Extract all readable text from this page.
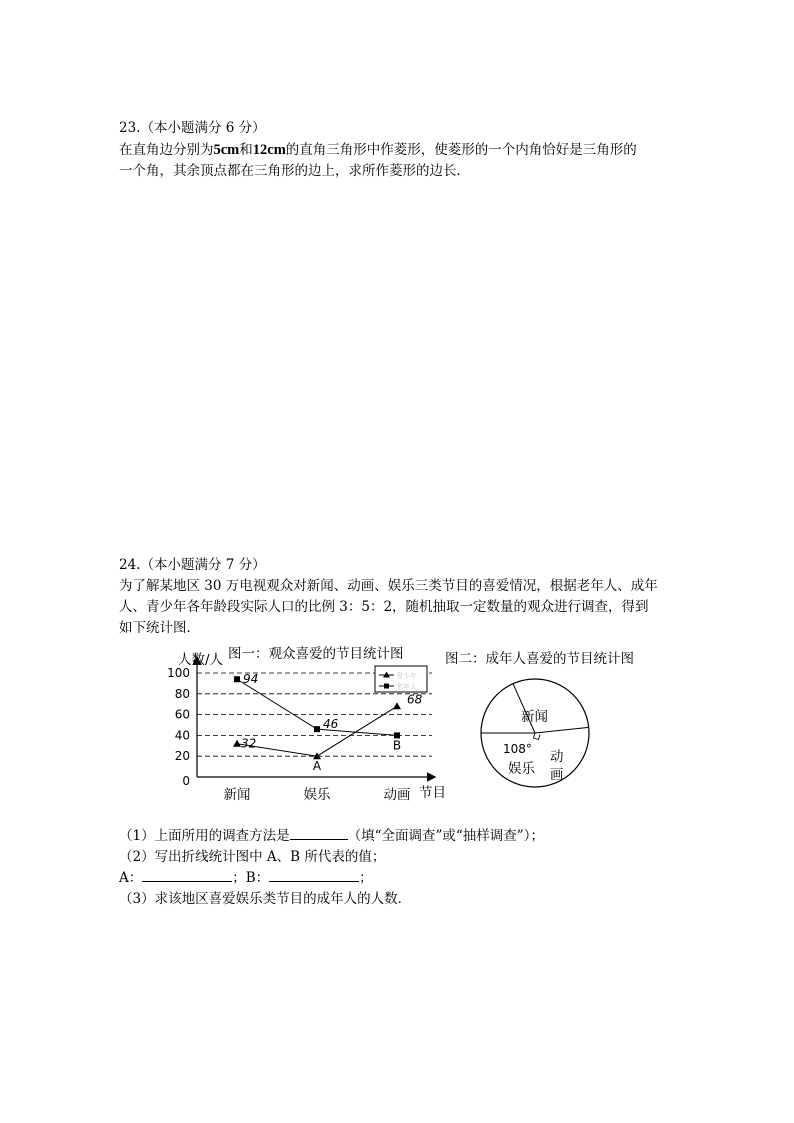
23.（本小题满分 6 分）
在直角边分别为5cm和12cm的直角三角形中作菱形，使菱形的一个内角恰好是三角形的
一个角，其余顶点都在三角形的边上，求所作菱形的边长．
24.（本小题满分 7 分）
为了解某地区 30 万电视观众对新闻、动画、娱乐三类节目的喜爱情况，根据老年人、成年
人、青少年各年龄段实际人口的比例 3：5：2，随机抽取一定数量的观众进行调查，得到
如下统计图．
人数/人 图一：观众喜爱的节目统计图
0
20
40
60
80
100
新闻	娱乐	动画 节目
32
A
68
94
46
B
青少年
老年人
图二：成年人喜爱的节目统计图
新闻
108°
娱乐
动
画
（1）上面所用的调查方法是	（填“全面调查”或“抽样调查”）；
（2）写出折线统计图中 A、B 所代表的值；
A：	；B：	；
（3）求该地区喜爱娱乐类节目的成年人的人数．
